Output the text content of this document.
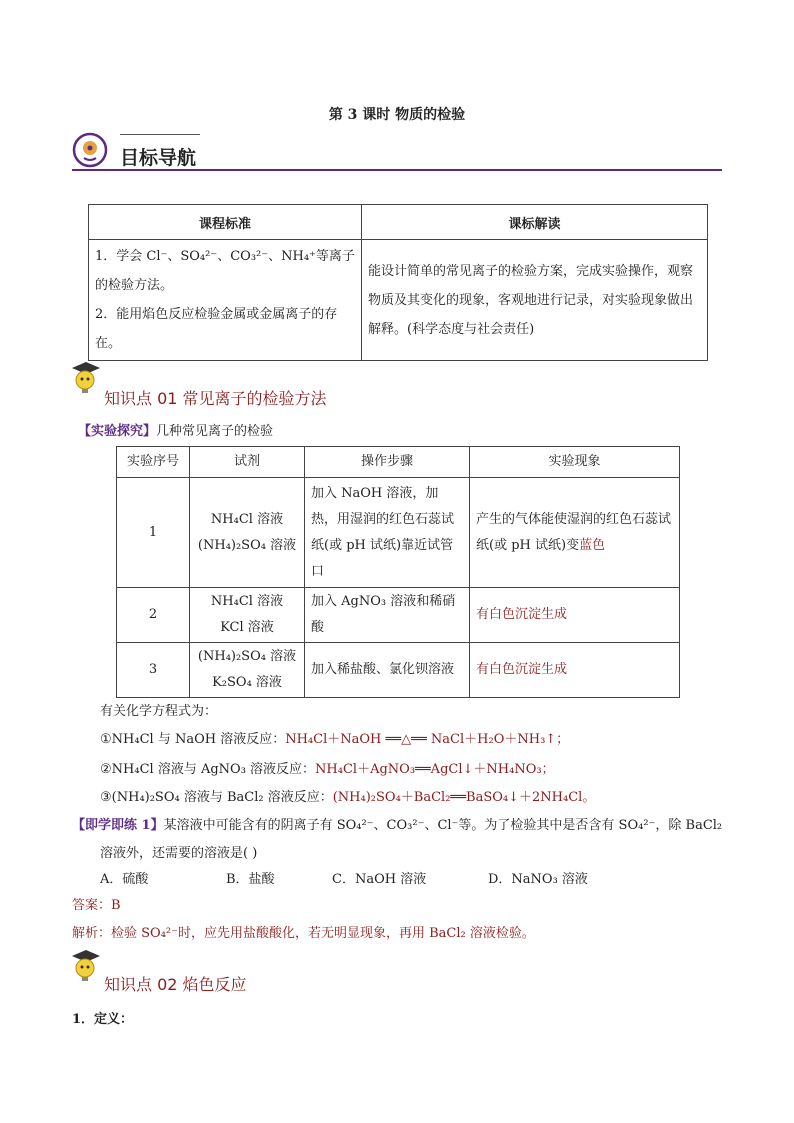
第 3 课时 物质的检验
目标导航
课程标准	课标解读

1．学会 Cl⁻、SO₄²⁻、CO₃²⁻、NH₄⁺等离子的检验方法。
2．能用焰色反应检验金属或金属离子的存在。	能设计简单的常见离子的检验方案，完成实验操作，观察物质及其变化的现象，客观地进行记录，对实验现象做出解释。(科学态度与社会责任)
知识点 01 常见离子的检验方法
【实验探究】几种常见离子的检验
实验序号	试剂	操作步骤	实验现象
1	NH₄Cl 溶液
(NH₄)₂SO₄ 溶液	加入 NaOH 溶液，加热，用湿润的红色石蕊试纸(或 pH 试纸)靠近试管口	产生的气体能使湿润的红色石蕊试纸(或 pH 试纸)变蓝色
2	NH₄Cl 溶液
KCl 溶液	加入 AgNO₃ 溶液和稀硝酸	有白色沉淀生成
3	(NH₄)₂SO₄ 溶液
K₂SO₄ 溶液	加入稀盐酸、氯化钡溶液	有白色沉淀生成
有关化学方程式为：
①NH₄Cl 与 NaOH 溶液反应：NH₄Cl＋NaOH ══△══ NaCl＋H₂O＋NH₃↑；
②NH₄Cl 溶液与 AgNO₃ 溶液反应：NH₄Cl＋AgNO₃══AgCl↓＋NH₄NO₃；
③(NH₄)₂SO₄ 溶液与 BaCl₂ 溶液反应：(NH₄)₂SO₄＋BaCl₂══BaSO₄↓＋2NH₄Cl。
【即学即练 1】某溶液中可能含有的阴离子有 SO₄²⁻、CO₃²⁻、Cl⁻等。为了检验其中是否含有 SO₄²⁻，除 BaCl₂
溶液外，还需要的溶液是( )
A．硫酸	B．盐酸	C．NaOH 溶液	D．NaNO₃ 溶液
答案：B
解析：检验 SO₄²⁻时，应先用盐酸酸化，若无明显现象，再用 BaCl₂ 溶液检验。
知识点 02 焰色反应
1．定义：
